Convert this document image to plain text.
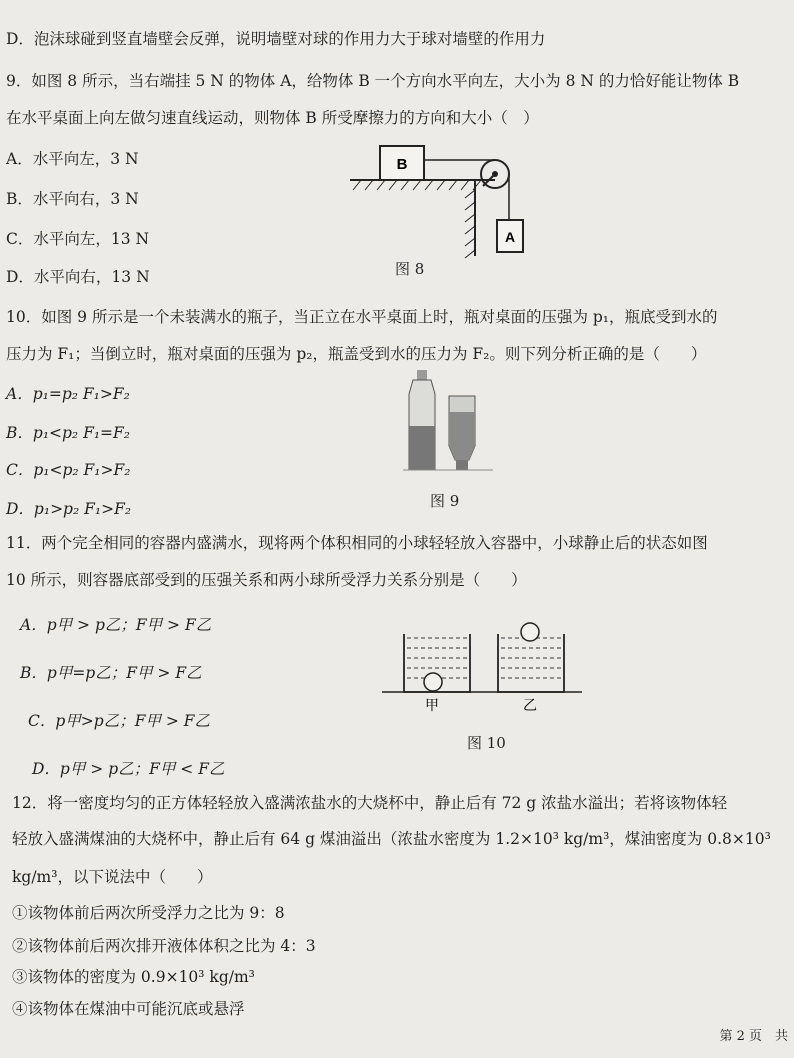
D．泡沫球碰到竖直墙壁会反弹，说明墙壁对球的作用力大于球对墙壁的作用力
9．如图 8 所示，当右端挂 5 N 的物体 A，给物体 B 一个方向水平向左，大小为 8 N 的力恰好能让物体 B
在水平桌面上向左做匀速直线运动，则物体 B 所受摩擦力的方向和大小（　）
A．水平向左，3 N
B．水平向右，3 N
C．水平向左，13 N
D．水平向右，13 N
B
A
图 8
10．如图 9 所示是一个未装满水的瓶子，当正立在水平桌面上时，瓶对桌面的压强为 p₁，瓶底受到水的
压力为 F₁；当倒立时，瓶对桌面的压强为 p₂，瓶盖受到水的压力为 F₂。则下列分析正确的是（　　）
A．p₁=p₂ F₁>F₂
B．p₁<p₂ F₁=F₂
C．p₁<p₂ F₁>F₂
D．p₁>p₂ F₁>F₂	图 9
11．两个完全相同的容器内盛满水，现将两个体积相同的小球轻轻放入容器中，小球静止后的状态如图
10 所示，则容器底部受到的压强关系和两小球所受浮力关系分别是（　　）
A．p甲 > p乙；F甲 > F乙
B．p甲=p乙；F甲 > F乙
C．p甲>p乙；F甲 > F乙
D．p甲 > p乙；F甲 < F乙
甲	乙
图 10
12．将一密度均匀的正方体轻轻放入盛满浓盐水的大烧杯中，静止后有 72 g 浓盐水溢出；若将该物体轻
轻放入盛满煤油的大烧杯中，静止后有 64 g 煤油溢出（浓盐水密度为 1.2×10³ kg/m³，煤油密度为 0.8×10³
kg/m³，以下说法中（　　）
①该物体前后两次所受浮力之比为 9：8
②该物体前后两次排开液体体积之比为 4：3
③该物体的密度为 0.9×10³ kg/m³
④该物体在煤油中可能沉底或悬浮
第 2 页　共
